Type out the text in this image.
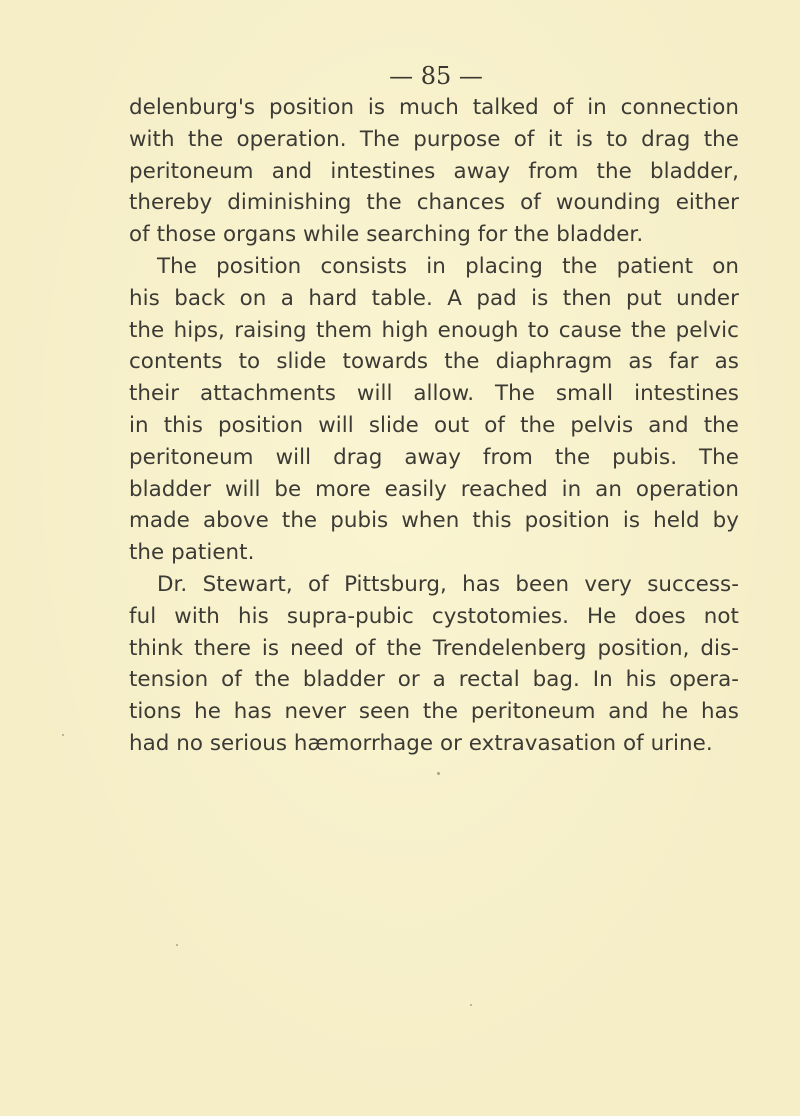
— 85 —
delenburg's position is much talked of in connection
with the operation. The purpose of it is to drag the
peritoneum and intestines away from the bladder,
thereby diminishing the chances of wounding either
of those organs while searching for the bladder.
The position consists in placing the patient on
his back on a hard table. A pad is then put under
the hips, raising them high enough to cause the pelvic
contents to slide towards the diaphragm as far as
their attachments will allow. The small intestines
in this position will slide out of the pelvis and the
peritoneum will drag away from the pubis. The
bladder will be more easily reached in an operation
made above the pubis when this position is held by
the patient.
Dr. Stewart, of Pittsburg, has been very success-
ful with his supra-pubic cystotomies. He does not
think there is need of the Trendelenberg position, dis-
tension of the bladder or a rectal bag. In his opera-
tions he has never seen the peritoneum and he has
had no serious hæmorrhage or extravasation of urine.
